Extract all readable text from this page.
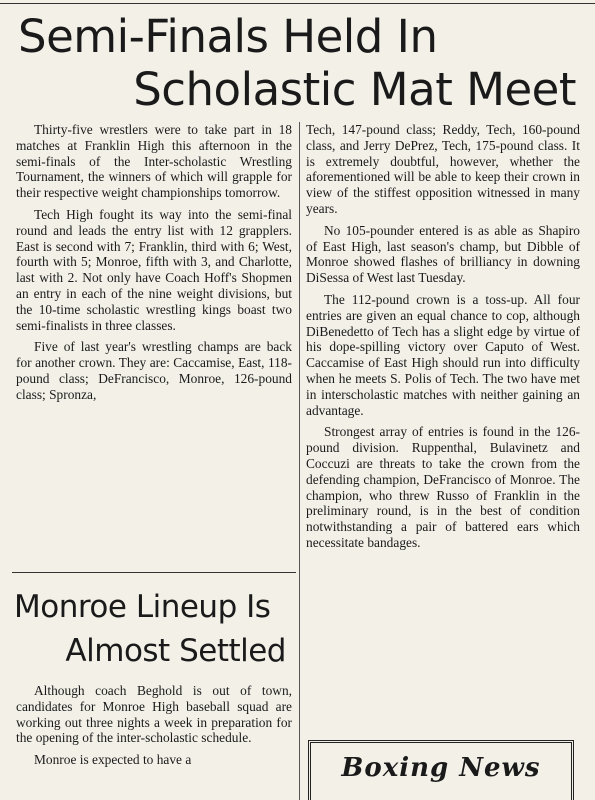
Semi-Finals Held In
Scholastic Mat Meet

Thirty-five wrestlers were to take part in 18 matches at Franklin High this afternoon in the semi-finals of the Inter-scholastic Wrestling Tournament, the winners of which will grapple for their respective weight championships tomorrow.

Tech High fought its way into the semi-final round and leads the entry list with 12 grapplers. East is second with 7; Franklin, third with 6; West, fourth with 5; Monroe, fifth with 3, and Charlotte, last with 2. Not only have Coach Hoff's Shopmen an entry in each of the nine weight divisions, but the 10-time scholastic wrestling kings boast two semi-finalists in three classes.

Five of last year's wrestling champs are back for another crown. They are: Caccamise, East, 118-pound class; DeFrancisco, Monroe, 126-pound class; Spronza,

Tech, 147-pound class; Reddy, Tech, 160-pound class, and Jerry DePrez, Tech, 175-pound class. It is extremely doubtful, however, whether the aforementioned will be able to keep their crown in view of the stiffest opposition witnessed in many years.

No 105-pounder entered is as able as Shapiro of East High, last season's champ, but Dibble of Monroe showed flashes of brilliancy in downing DiSessa of West last Tuesday.

The 112-pound crown is a toss-up. All four entries are given an equal chance to cop, although DiBenedetto of Tech has a slight edge by virtue of his dope-spilling victory over Caputo of West. Caccamise of East High should run into difficulty when he meets S. Polis of Tech. The two have met in interscholastic matches with neither gaining an advantage.

Strongest array of entries is found in the 126-pound division. Ruppenthal, Bulavinetz and Coccuzi are threats to take the crown from the defending champion, DeFrancisco of Monroe. The champion, who threw Russo of Franklin in the preliminary round, is in the best of condition notwithstanding a pair of battered ears which necessitate bandages.

Monroe Lineup Is
Almost Settled

Although coach Beghold is out of town, candidates for Monroe High baseball squad are working out three nights a week in preparation for the opening of the inter-scholastic schedule.

Monroe is expected to have a	Boxing News
